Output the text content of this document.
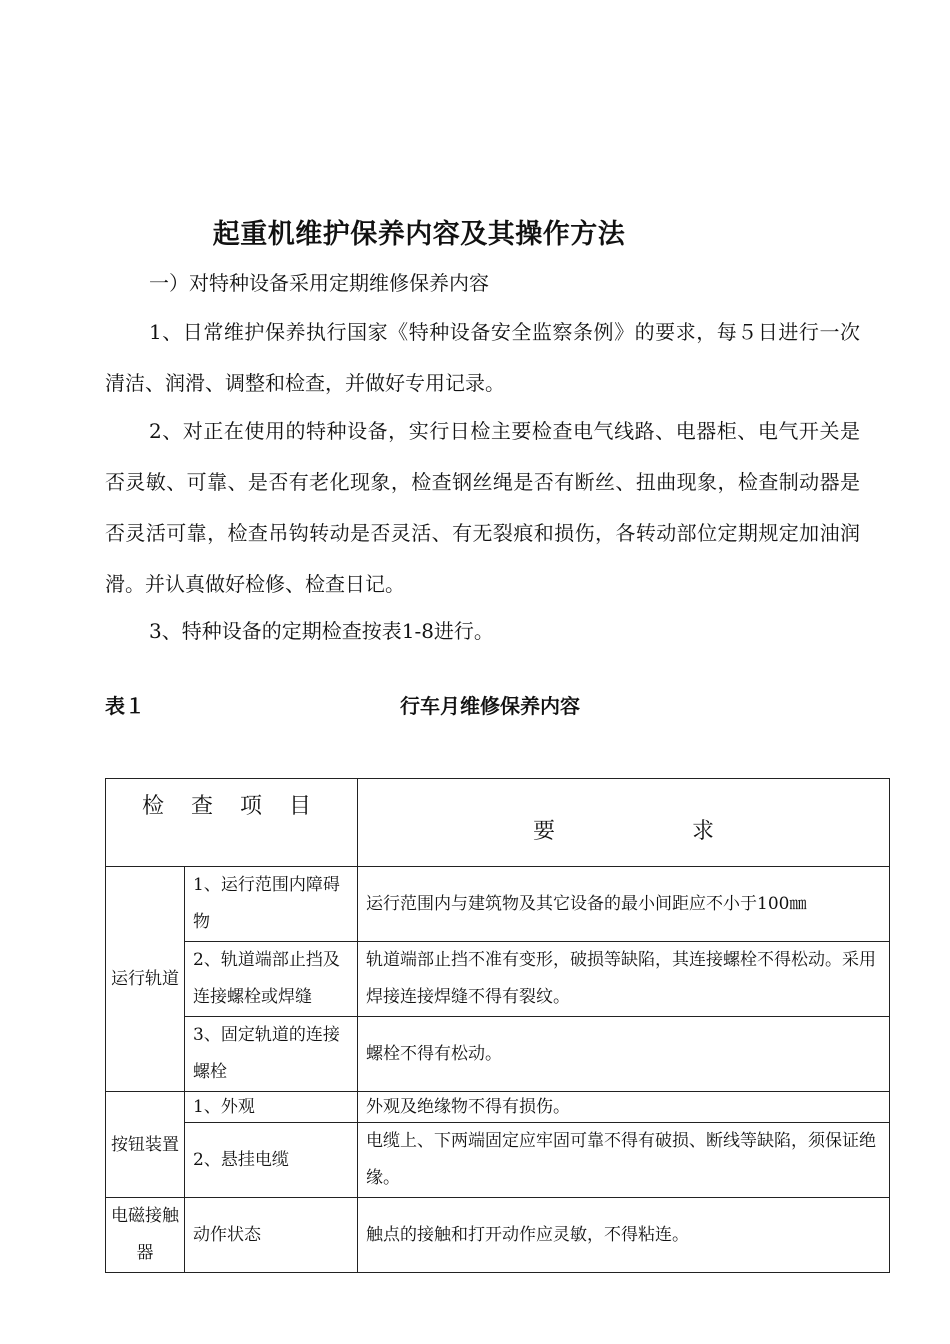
起重机维护保养内容及其操作方法

一）对特种设备采用定期维修保养内容

1、日常维护保养执行国家《特种设备安全监察条例》的要求，每５日进行一次清洁、润滑、调整和检查，并做好专用记录。

2、对正在使用的特种设备，实行日检主要检查电气线路、电器柜、电气开关是否灵敏、可靠、是否有老化现象，检查钢丝绳是否有断丝、扭曲现象，检查制动器是否灵活可靠，检查吊钩转动是否灵活、有无裂痕和损伤，各转动部位定期规定加油润滑。并认真做好检修、检查日记。

3、特种设备的定期检查按表1-8进行。

表１	行车月维修保养内容
检 查 项 目		要 求
运行轨道	1、运行范围内障碍物	运行范围内与建筑物及其它设备的最小间距应不小于100㎜
	2、轨道端部止挡及连接螺栓或焊缝	轨道端部止挡不准有变形，破损等缺陷，其连接螺栓不得松动。采用焊接连接焊缝不得有裂纹。
	3、固定轨道的连接螺栓	螺栓不得有松动。
按钮装置	1、外观	外观及绝缘物不得有损伤。
	2、悬挂电缆	电缆上、下两端固定应牢固可靠不得有破损、断线等缺陷，须保证绝缘。
电磁接触器	动作状态	触点的接触和打开动作应灵敏，不得粘连。
